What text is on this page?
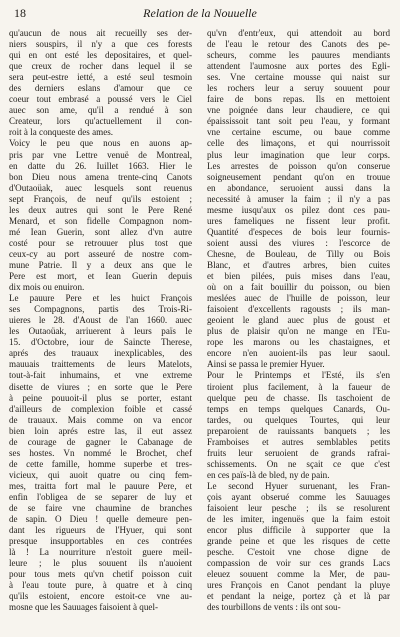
18	Relation de la Nouuelle
qu'aucun de nous ait recueilly ses der-
niers souspirs, il n'y a que ces forests
qui en ont esté les depositaires, et quel-
que creux de rocher dans lequel il se
sera peut-estre ietté, a esté seul tesmoin
des derniers eslans d'amour que ce
coeur tout embrasé a poussé vers le Ciel
auec son ame, qu'il a rendué à son
Createur, lors qu'actuellement il con-
roit à la conqueste des ames.
Voicy le peu que nous en auons ap-
pris par vne Lettre venuë de Montreal,
en datte du 26. Iuillet 1663. Hier le
bon Dieu nous amena trente-cinq Canots
d'Outaoüak, auec lesquels sont reuenus
sept François, de neuf qu'ils estoient ;
les deux autres qui sont le Pere René
Menard, et son fidelle Compagnon nom-
mé Iean Guerin, sont allez d'vn autre
costé pour se retrouuer plus tost que
ceux-cy au port asseuré de nostre com-
mune Patrie. Il y a deux ans que le
Pere est mort, et Iean Guerin depuis
dix mois ou enuiron.
Le pauure Pere et les huict François
ses Compagnons, partis des Trois-Ri-
uieres le 28. d'Aoust de l'an 1660. auec
les Outaoüak, arriuerent à leurs païs le
15. d'Octobre, iour de Saincte Therese,
aprés des trauaux inexplicables, des
mauuais traittements de leurs Matelots,
tout-à-fait inhumains, et vne extreme
disette de viures ; en sorte que le Pere
à peine pouuoit-il plus se porter, estant
d'ailleurs de complexion foible et cassé
de trauaux. Mais comme on va encor
bien loin aprés estre las, il eut assez
de courage de gagner le Cabanage de
ses hostes. Vn nommé le Brochet, chef
de cette famille, homme superbe et tres-
vicieux, qui auoit quatre ou cinq fem-
mes, traitta fort mal le pauure Pere, et
enfin l'obligea de se separer de luy et
de se faire vne chaumine de branches
de sapin. O Dieu ! quelle demeure pen-
dant les rigueurs de l'Hyuer, qui sont
presque insupportables en ces contrées
là ! La nourriture n'estoit guere meil-
leure ; le plus souuent ils n'auoient
pour tous mets qu'vn chetif poisson cuit
à l'eau toute pure, à quatre et à cinq
qu'ils estoient, encore estoit-ce vne au-
mosne que les Sauuages faisoient à quel-
qu'vn d'entr'eux, qui attendoit au bord
de l'eau le retour des Canots des pe-
scheurs, comme les pauures mendiants
attendent l'aumosne aux portes des Egli-
ses. Vne certaine mousse qui naist sur
les rochers leur a seruy souuent pour
faire de bons repas. Ils en mettoient
vne poignée dans leur chaudiere, ce qui
épaississoit tant soit peu l'eau, y formant
vne certaine escume, ou baue comme
celle des limaçons, et qui nourrissoit
plus leur imagination que leur corps.
Les arrestes de poisson qu'on conserue
soigneusement pendant qu'on en trouue
en abondance, seruoient aussi dans la
necessité à amuser la faim ; il n'y a pas
mesme iusqu'aux os pilez dont ces pau-
ures fameliques ne fissent leur profit.
Quantité d'especes de bois leur fournis-
soient aussi des viures : l'escorce de
Chesne, de Bouleau, de Tilly ou Bois
Blanc, et d'autres arbres, bien cuites
et bien pilées, puis mises dans l'eau,
où on a fait bouillir du poisson, ou bien
meslées auec de l'huille de poisson, leur
faisoient d'excellents ragousts ; ils man-
geoient le gland auec plus de goust et
plus de plaisir qu'on ne mange en l'Eu-
rope les marons ou les chastaignes, et
encore n'en auoient-ils pas leur saoul.
Ainsi se passa le premier Hyuer.
Pour le Printemps et l'Esté, ils s'en
tiroient plus facilement, à la faueur de
quelque peu de chasse. Ils taschoient de
temps en temps quelques Canards, Ou-
tardes, ou quelques Tourtes, qui leur
preparoient de rauissants banquets ; les
Framboises et autres semblables petits
fruits leur seruoient de grands rafrai-
schissements. On ne sçait ce que c'est
en ces païs-là de bled, ny de pain.
Le second Hyuer suruenant, les Fran-
çois ayant obserué comme les Sauuages
faisoient leur pesche ; ils se resolurent
de les imiter, ingenuës que la faim estoit
encor plus difficile à supporter que la
grande peine et que les risques de cette
pesche. C'estoit vne chose digne de
compassion de voir sur ces grands Lacs
eleuez souuent comme la Mer, de pau-
ures François en Canot pendant la pluye
et pendant la neige, portez çà et là par
des tourbillons de vents : ils ont sou-
